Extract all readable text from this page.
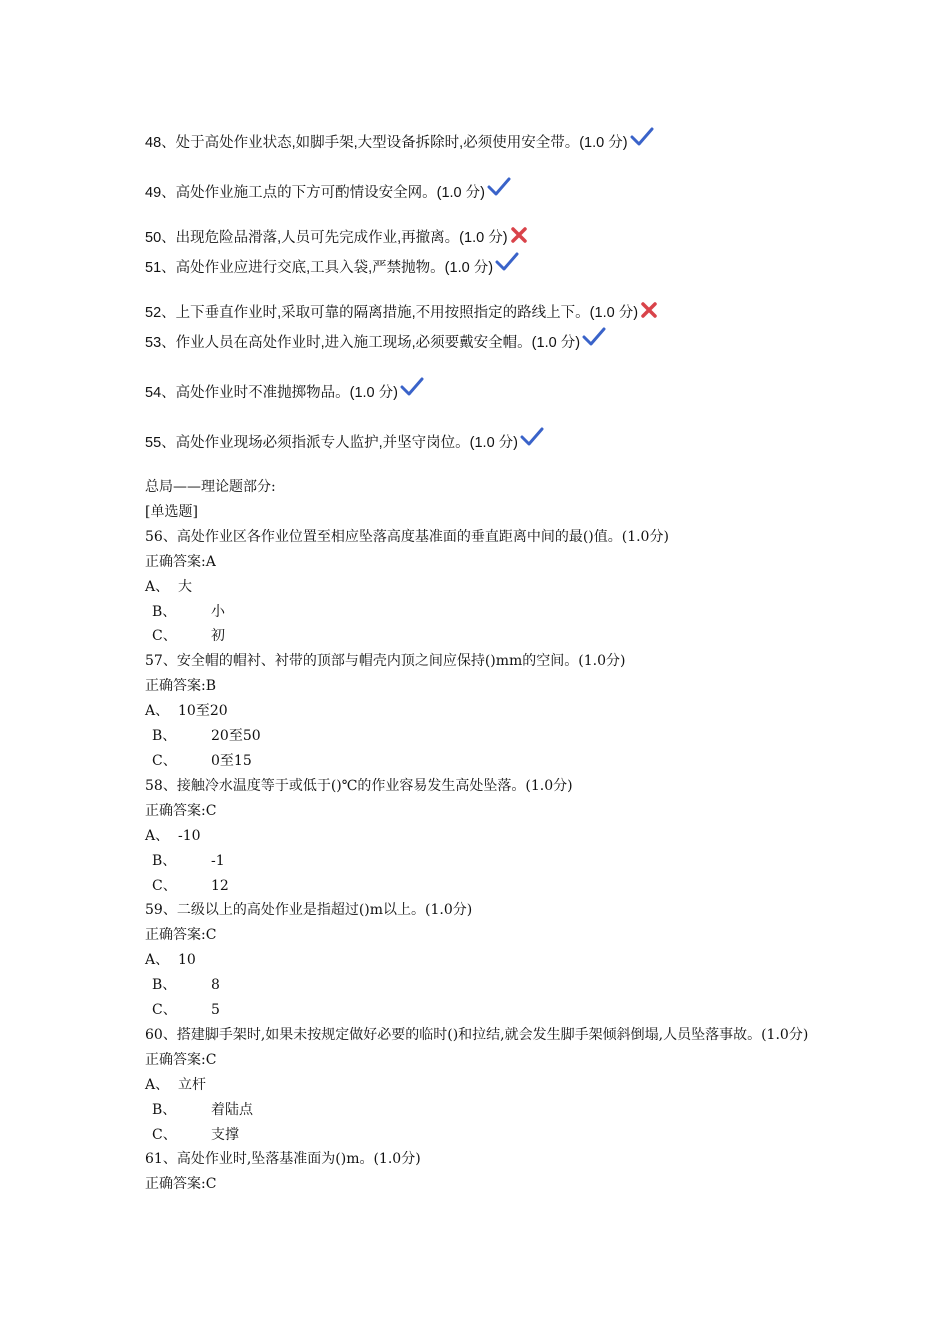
48、处于高处作业状态,如脚手架,大型设备拆除时,必须使用安全带。(1.0 分)
49、高处作业施工点的下方可酌情设安全网。(1.0 分)
50、出现危险品滑落,人员可先完成作业,再撤离。(1.0 分)
51、高处作业应进行交底,工具入袋,严禁抛物。(1.0 分)
52、上下垂直作业时,采取可靠的隔离措施,不用按照指定的路线上下。(1.0 分)
53、作业人员在高处作业时,进入施工现场,必须要戴安全帽。(1.0 分)
54、高处作业时不准抛掷物品。(1.0 分)
55、高处作业现场必须指派专人监护,并坚守岗位。(1.0 分)
总局——理论题部分:
[单选题]
56、高处作业区各作业位置至相应坠落高度基准面的垂直距离中间的最()值。(1.0分)
正确答案:A
A、 大
B、 小
C、 初
57、安全帽的帽衬、衬带的顶部与帽壳内顶之间应保持()mm的空间。(1.0分)
正确答案:B
A、 10至20
B、 20至50
C、 0至15
58、接触冷水温度等于或低于()℃的作业容易发生高处坠落。(1.0分)
正确答案:C
A、 -10
B、 -1
C、 12
59、二级以上的高处作业是指超过()m以上。(1.0分)
正确答案:C
A、 10
B、 8
C、 5
60、搭建脚手架时,如果未按规定做好必要的临时()和拉结,就会发生脚手架倾斜倒塌,人员坠落事故。(1.0分)
正确答案:C
A、 立杆
B、 着陆点
C、 支撑
61、高处作业时,坠落基准面为()m。(1.0分)
正确答案:C
